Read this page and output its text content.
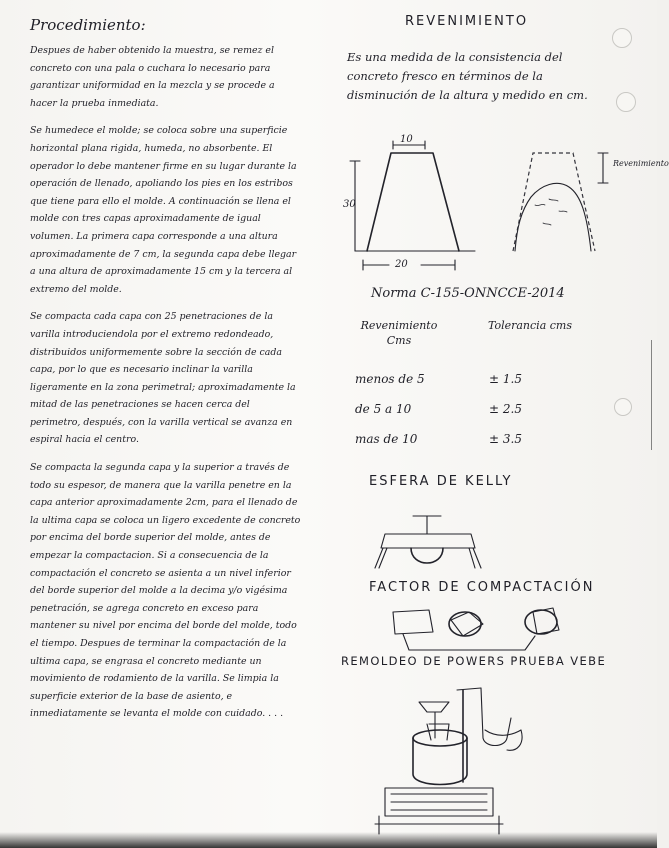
Procedimiento:

Despues de haber obtenido la muestra, se remez el concreto con una pala o cuchara lo necesario para garantizar uniformidad en la mezcla y se procede a hacer la prueba inmediata.

Se humedece el molde; se coloca sobre una superficie horizontal plana rigida, humeda, no absorbente. El operador lo debe mantener firme en su lugar durante la operación de llenado, apoliando los pies en los estribos que tiene para ello el molde. A continuación se llena el molde con tres capas aproximadamente de igual volumen. La primera capa corresponde a una altura aproximadamente de 7 cm, la segunda capa debe llegar a una altura de aproximadamente 15 cm y la tercera al extremo del molde.

Se compacta cada capa con 25 penetraciones de la varilla introduciendola por el extremo redondeado, distribuidos uniformemente sobre la sección de cada capa, por lo que es necesario inclinar la varilla ligeramente en la zona perimetral; aproximadamente la mitad de las penetraciones se hacen cerca del perimetro, después, con la varilla vertical se avanza en espiral hacia el centro.

Se compacta la segunda capa y la superior a través de todo su espesor, de manera que la varilla penetre en la capa anterior aproximadamente 2cm, para el llenado de la ultima capa se coloca un ligero excedente de concreto por encima del borde superior del molde, antes de empezar la compactacion. Si a consecuencia de la compactación el concreto se asienta a un nivel inferior del borde superior del molde a la decima y/o vigésima penetración, se agrega concreto en exceso para mantener su nivel por encima del borde del molde, todo el tiempo. Despues de terminar la compactación de la ultima capa, se engrasa el concreto mediante un movimiento de rodamiento de la varilla. Se limpia la superficie exterior de la base de asiento, e inmediatamente se levanta el molde con cuidado. . . .

REVENIMIENTO
Es una medida de la consistencia del concreto fresco en términos de la disminución de la altura y medido en cm.
10
30
20
Revenimiento
Norma C-155-ONNCCE-2014
Revenimiento Cms
Tolerancia cms
menos de 5	± 1.5
de 5 a 10	± 2.5
mas de 10	± 3.5
ESFERA DE KELLY
FACTOR DE COMPACTACIÓN
REMOLDEO DE POWERS PRUEBA VEBE
